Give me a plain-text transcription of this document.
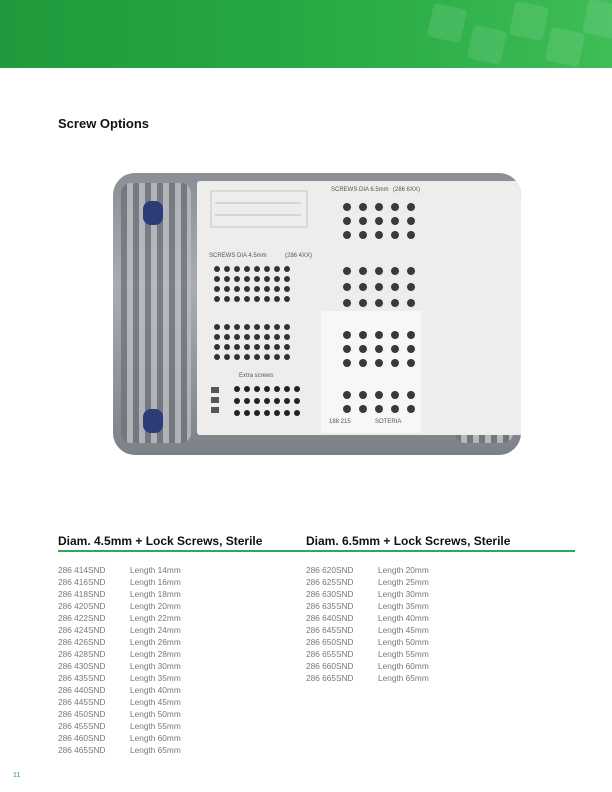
Screw Options
SCREWS DIA 4.5mm	(286 4XX)
SCREWS DIA 6.5mm (286 6XX)
Extra screws
188 215	SOTERIA
Diam. 4.5mm + Lock Screws, Sterile	Diam. 6.5mm + Lock Screws, Sterile
286 414SND	Length 14mm
286 416SND	Length 16mm
286 418SND	Length 18mm
286 420SND	Length 20mm
286 422SND	Length 22mm
286 424SND	Length 24mm
286 426SND	Length 26mm
286 428SND	Length 28mm
286 430SND	Length 30mm
286 435SND	Length 35mm
286 440SND	Length 40mm
286 445SND	Length 45mm
286 450SND	Length 50mm
286 455SND	Length 55mm
286 460SND	Length 60mm
286 465SND	Length 65mm
286 620SND	Length 20mm
286 625SND	Length 25mm
286 630SND	Length 30mm
286 635SND	Length 35mm
286 640SND	Length 40mm
286 645SND	Length 45mm
286 650SND	Length 50mm
286 655SND	Length 55mm
286 660SND	Length 60mm
286 665SND	Length 65mm
11
